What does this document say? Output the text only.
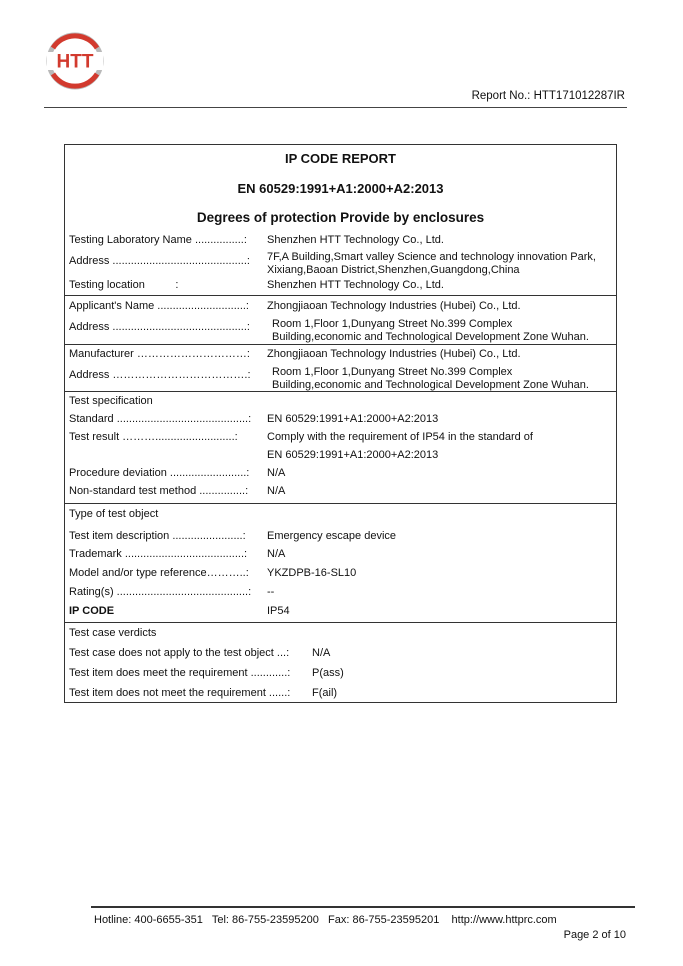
HTT
Report No.: HTT171012287IR
IP CODE REPORT
EN 60529:1991+A1:2000+A2:2013
Degrees of protection Provide by enclosures
Testing Laboratory Name ................: Shenzhen HTT Technology Co., Ltd.
Address ............................................: 7F,A Building,Smart valley Science and technology innovation Park,
Xixiang,Baoan District,Shenzhen,Guangdong,China
Testing location          :	Shenzhen HTT Technology Co., Ltd.
Applicant's Name .............................: Zhongjiaoan Technology Industries (Hubei) Co., Ltd.
Address ............................................: Room 1,Floor 1,Dunyang Street No.399 Complex
Building,economic and Technological Development Zone Wuhan.
Manufacturer …………………………: Zhongjiaoan Technology Industries (Hubei) Co., Ltd.
Address ……………………………….: Room 1,Floor 1,Dunyang Street No.399 Complex
Building,economic and Technological Development Zone Wuhan.
Test specification
Standard ...........................................: EN 60529:1991+A1:2000+A2:2013
Test result ………..........................:	Comply with the requirement of IP54 in the standard of
EN 60529:1991+A1:2000+A2:2013
Procedure deviation .........................: N/A
Non-standard test method ...............: N/A
Type of test object
Test item description .......................: Emergency escape device
Trademark .......................................: N/A
Model and/or type reference………..: YKZDPB-16-SL10
Rating(s) ...........................................: --
IP CODE	IP54
Test case verdicts
Test case does not apply to the test object ...: N/A
Test item does meet the requirement ............: P(ass)
Test item does not meet the requirement ......: F(ail)
Hotline: 400-6655-351   Tel: 86-755-23595200   Fax: 86-755-23595201    http://www.httprc.com
Page 2 of 10
